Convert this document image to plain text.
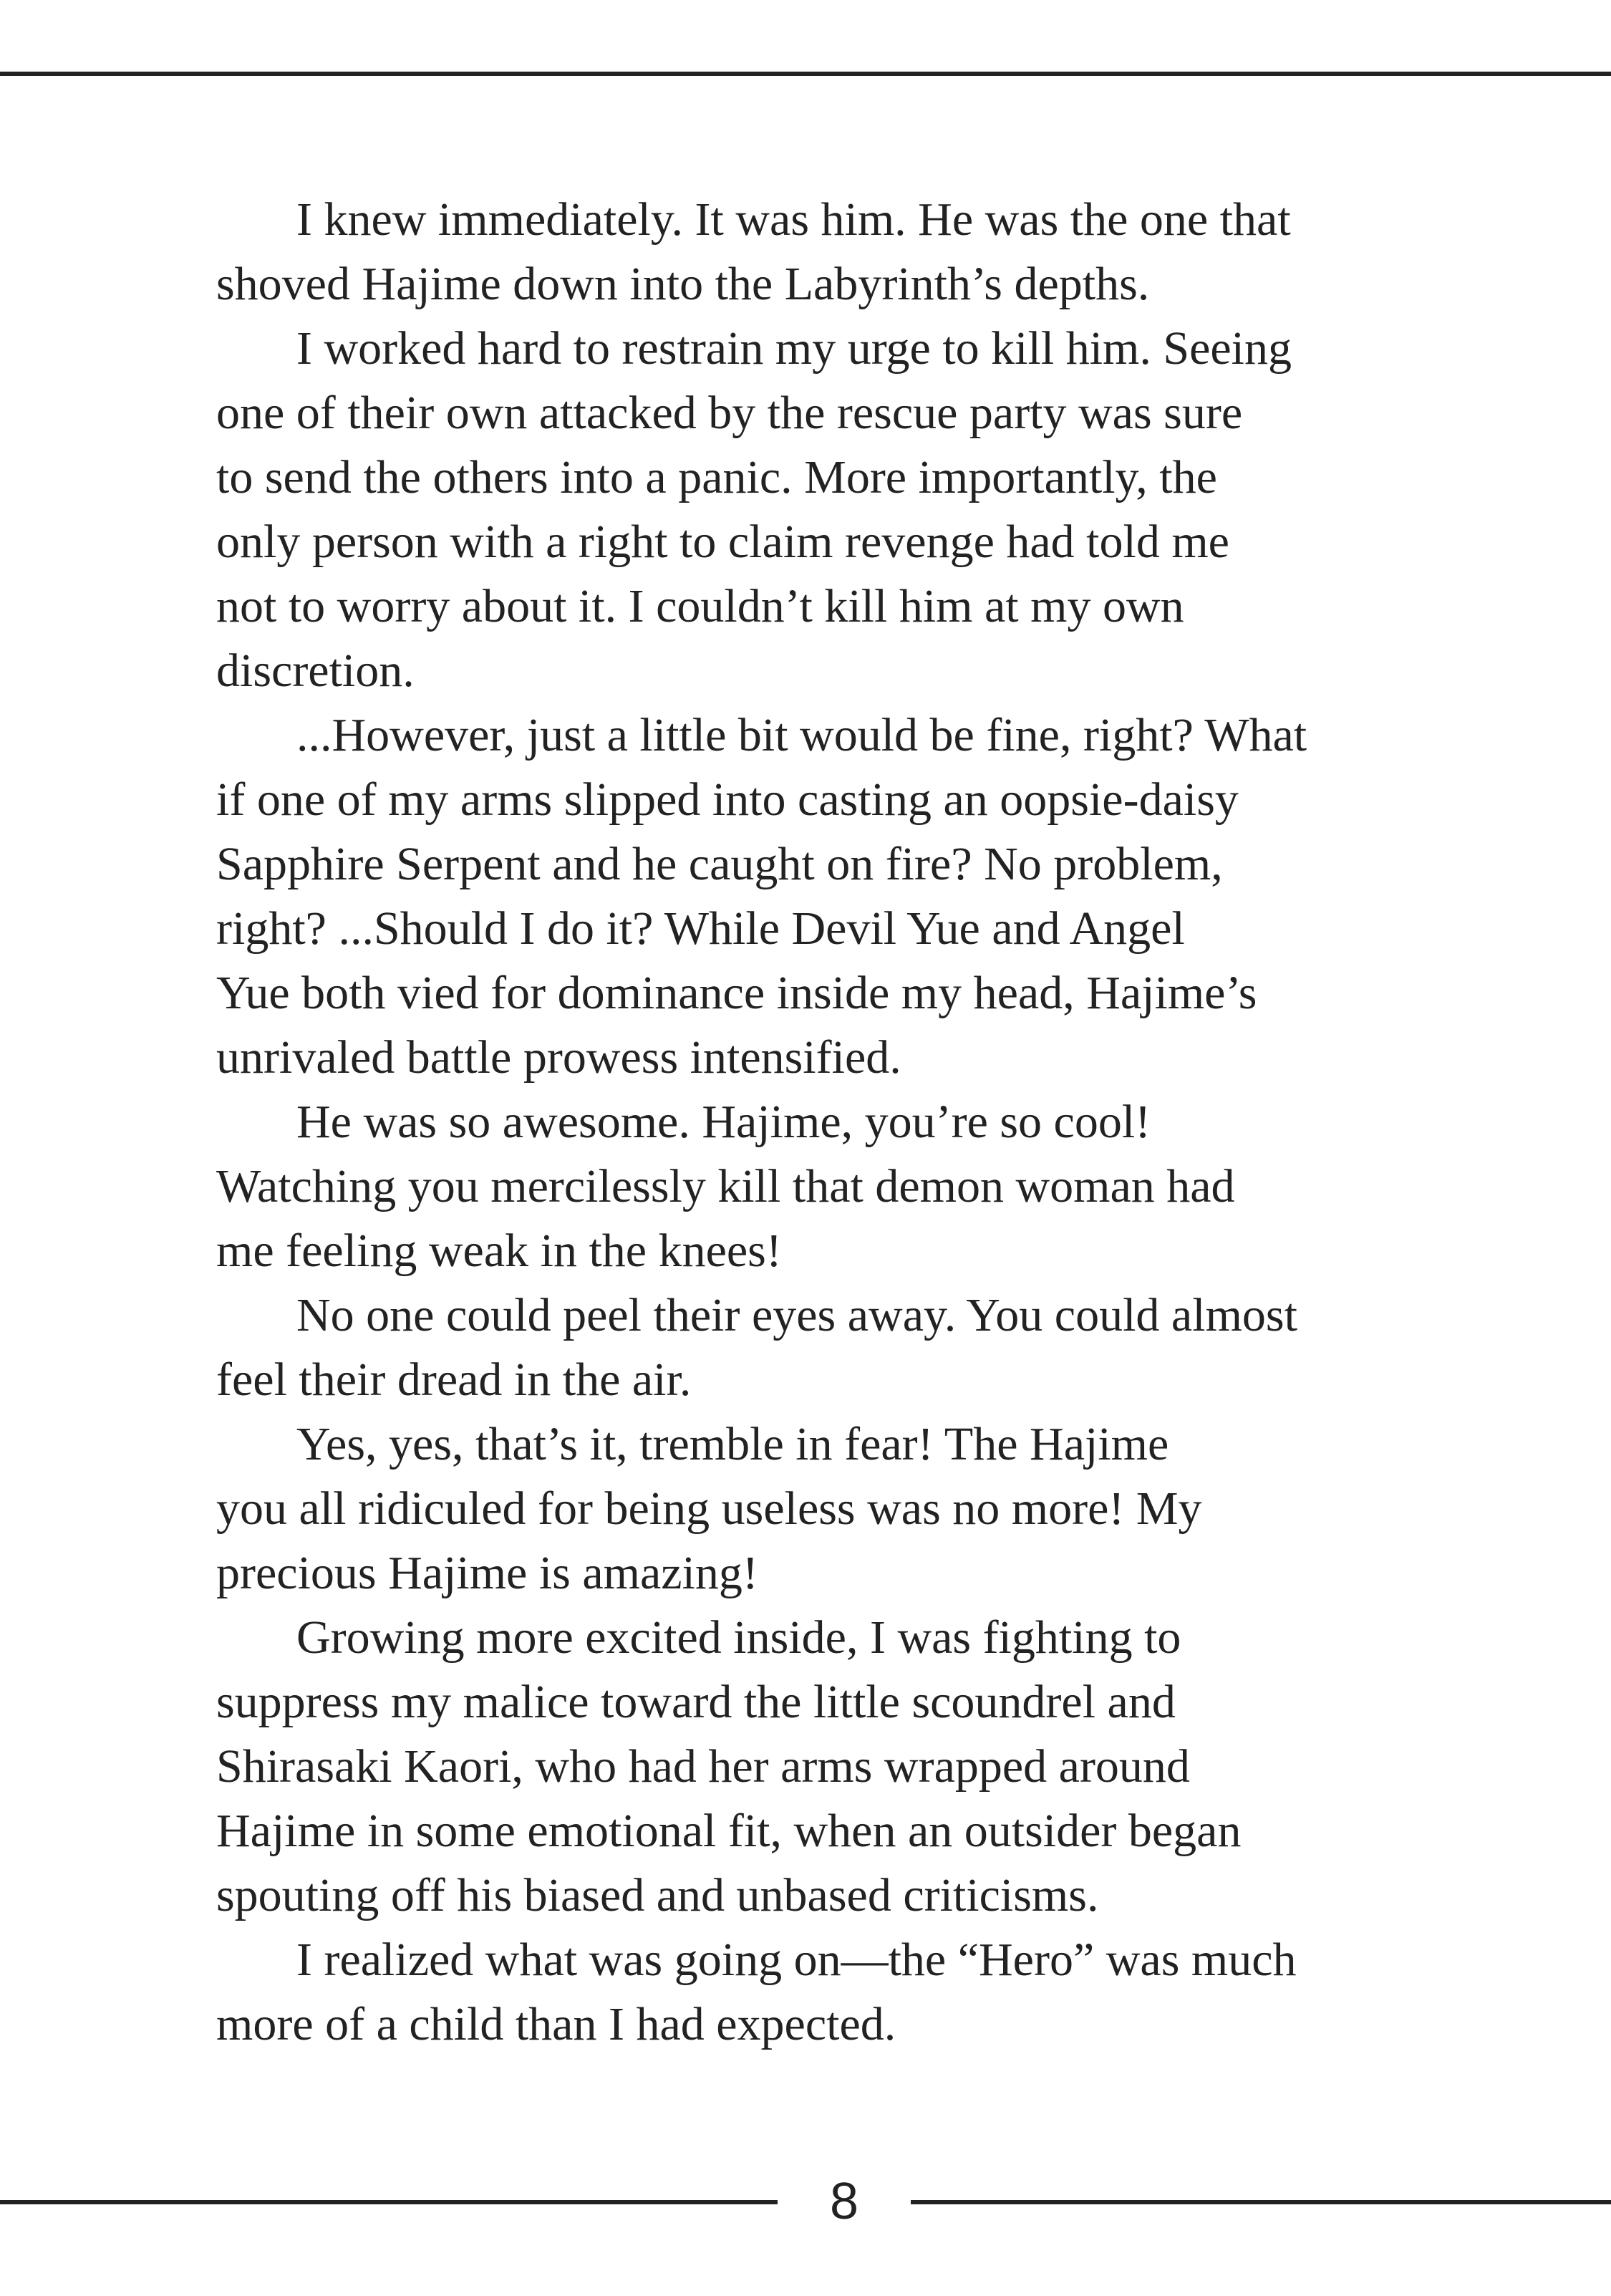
I knew immediately. It was him. He was the one that
shoved Hajime down into the Labyrinth’s depths.
I worked hard to restrain my urge to kill him. Seeing
one of their own attacked by the rescue party was sure
to send the others into a panic. More importantly, the
only person with a right to claim revenge had told me
not to worry about it. I couldn’t kill him at my own
discretion.
...However, just a little bit would be fine, right? What
if one of my arms slipped into casting an oopsie-daisy
Sapphire Serpent and he caught on fire? No problem,
right? ...Should I do it? While Devil Yue and Angel
Yue both vied for dominance inside my head, Hajime’s
unrivaled battle prowess intensified.
He was so awesome. Hajime, you’re so cool!
Watching you mercilessly kill that demon woman had
me feeling weak in the knees!
No one could peel their eyes away. You could almost
feel their dread in the air.
Yes, yes, that’s it, tremble in fear! The Hajime
you all ridiculed for being useless was no more! My
precious Hajime is amazing!
Growing more excited inside, I was fighting to
suppress my malice toward the little scoundrel and
Shirasaki Kaori, who had her arms wrapped around
Hajime in some emotional fit, when an outsider began
spouting off his biased and unbased criticisms.
I realized what was going on—the “Hero” was much
more of a child than I had expected.
8
